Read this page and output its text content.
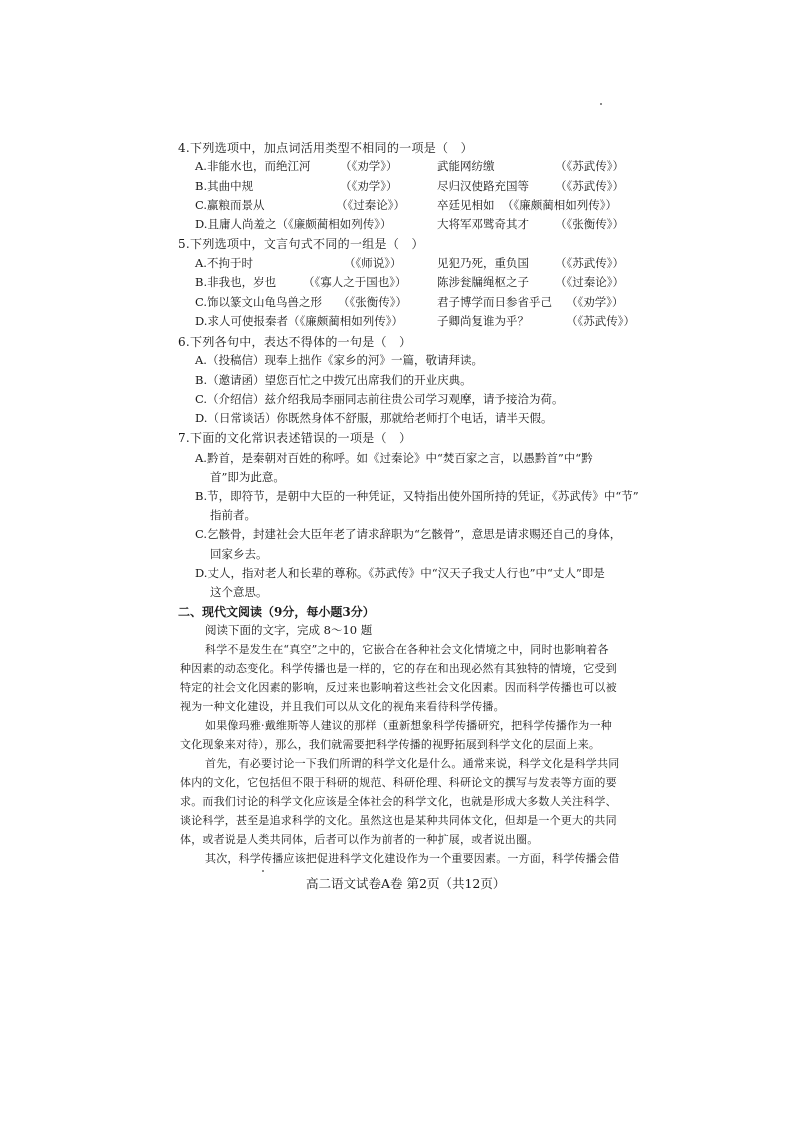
4.下列选项中，加点词活用类型不相同的一项是（　）
A.非能水也，而绝江河	（《劝学》）	武能网纺缴	（《苏武传》）
B.其曲中规	（《劝学》）	尽归汉使路充国等 （《苏武传》）
C.赢粮而景从	（《过秦论》）	卒廷见相如 （《廉颇蔺相如列传》）
D.且庸人尚羞之（《廉颇蔺相如列传》）	大将军邓骘奇其才 （《张衡传》）
5.下列选项中，文言句式不同的一组是（　）
A.不拘于时	（《师说》）	见犯乃死，重负国 （《苏武传》）
B.非我也，岁也 （《寡人之于国也》）	陈涉瓮牖绳枢之子 （《过秦论》）
C.饰以篆文山龟鸟兽之形 （《张衡传》）	君子博学而日参省乎己 （《劝学》）
D.求人可使报秦者（《廉颇蔺相如列传》）	子卿尚复谁为乎？	（《苏武传》）
6.下列各句中，表达不得体的一句是（　）
A.（投稿信）现奉上拙作《家乡的河》一篇，敬请拜读。
B.（邀请函）望您百忙之中拨冗出席我们的开业庆典。
C.（介绍信）兹介绍我局李丽同志前往贵公司学习观摩，请予接洽为荷。
D.（日常谈话）你既然身体不舒服，那就给老师打个电话，请半天假。
7.下面的文化常识表述错误的一项是（　）
A.黔首，是秦朝对百姓的称呼。如《过秦论》中“焚百家之言，以愚黔首”中“黔
首”即为此意。
B.节，即符节，是朝中大臣的一种凭证，又特指出使外国所持的凭证，《苏武传》中“节”
指前者。
C.乞骸骨，封建社会大臣年老了请求辞职为“乞骸骨”，意思是请求赐还自己的身体，
回家乡去。
D.丈人，指对老人和长辈的尊称。《苏武传》中“汉天子我丈人行也”中“丈人”即是
这个意思。
二、现代文阅读（9分，每小题3分）
阅读下面的文字，完成 8～10 题
科学不是发生在“真空”之中的，它嵌合在各种社会文化情境之中，同时也影响着各
种因素的动态变化。科学传播也是一样的，它的存在和出现必然有其独特的情境，它受到
特定的社会文化因素的影响，反过来也影响着这些社会文化因素。因而科学传播也可以被
视为一种文化建设，并且我们可以从文化的视角来看待科学传播。
如果像玛雅·戴维斯等人建议的那样（重新想象科学传播研究，把科学传播作为一种
文化现象来对待），那么，我们就需要把科学传播的视野拓展到科学文化的层面上来。
首先，有必要讨论一下我们所谓的科学文化是什么。通常来说，科学文化是科学共同
体内的文化，它包括但不限于科研的规范、科研伦理、科研论文的撰写与发表等方面的要
求。而我们讨论的科学文化应该是全体社会的科学文化，也就是形成大多数人关注科学、
谈论科学，甚至是追求科学的文化。虽然这也是某种共同体文化，但却是一个更大的共同
体，或者说是人类共同体，后者可以作为前者的一种扩展，或者说出圈。
其次，科学传播应该把促进科学文化建设作为一个重要因素。一方面，科学传播会借
高二语文试卷A卷 第2页（共12页）
